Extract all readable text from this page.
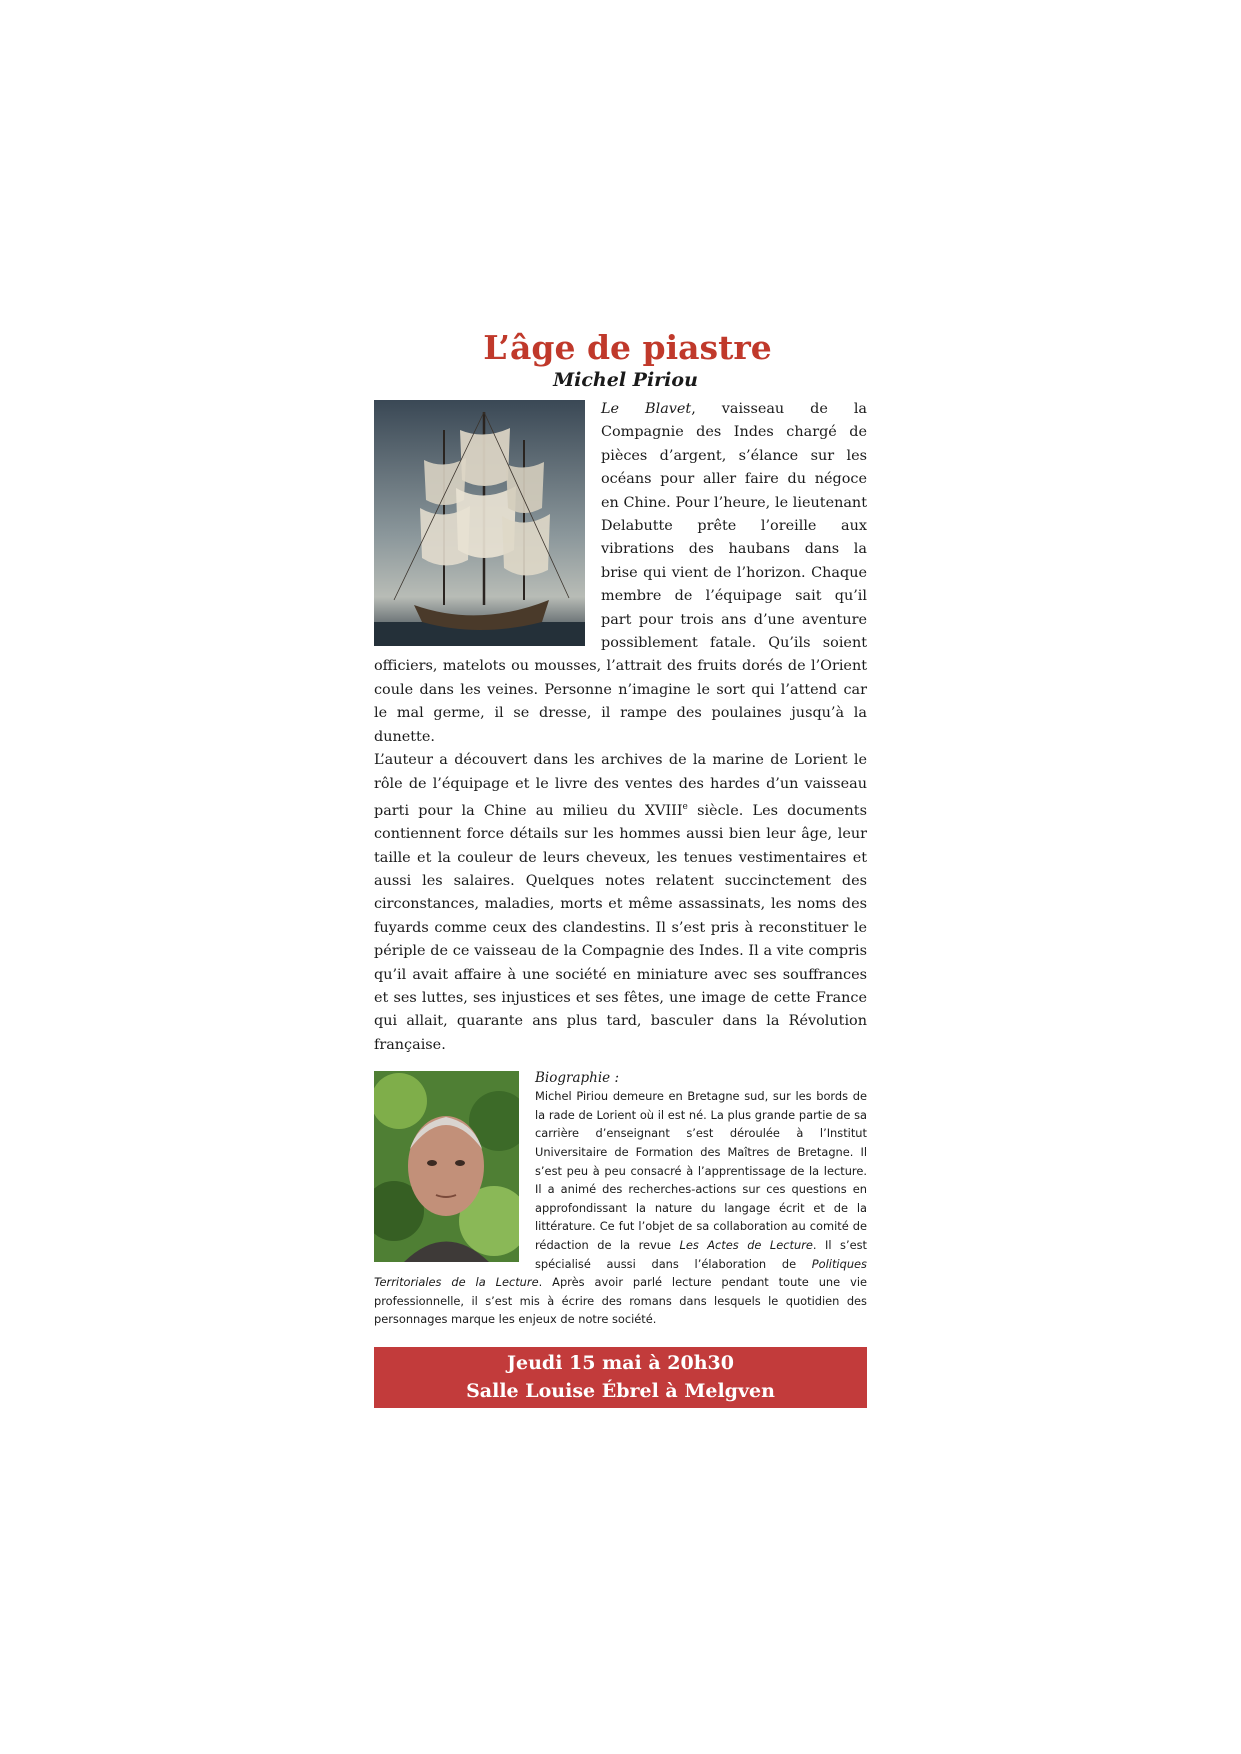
L’âge de piastre

Michel Piriou

Le Blavet, vaisseau de la Compagnie des Indes chargé de pièces d’argent, s’élance sur les océans pour aller faire du négoce en Chine. Pour l’heure, le lieutenant Delabutte prête l’oreille aux vibrations des haubans dans la brise qui vient de l’horizon. Chaque membre de l’équipage sait qu’il part pour trois ans d’une aventure possiblement fatale. Qu’ils soient officiers, matelots ou mousses, l’attrait des fruits dorés de l’Orient coule dans les veines. Personne n’imagine le sort qui l’attend car le mal germe, il se dresse, il rampe des poulaines jusqu’à la dunette.

L’auteur a découvert dans les archives de la marine de Lorient le rôle de l’équipage et le livre des ventes des hardes d’un vaisseau parti pour la Chine au milieu du XVIIIe siècle. Les documents contiennent force détails sur les hommes aussi bien leur âge, leur taille et la couleur de leurs cheveux, les tenues vestimentaires et aussi les salaires. Quelques notes relatent succinctement des circonstances, maladies, morts et même assassinats, les noms des fuyards comme ceux des clandestins. Il s’est pris à reconstituer le périple de ce vaisseau de la Compagnie des Indes. Il a vite compris qu’il avait affaire à une société en miniature avec ses souffrances et ses luttes, ses injustices et ses fêtes, une image de cette France qui allait, quarante ans plus tard, basculer dans la Révolution française.

Biographie :

Michel Piriou demeure en Bretagne sud, sur les bords de la rade de Lorient où il est né. La plus grande partie de sa carrière d’enseignant s’est déroulée à l’Institut Universitaire de Formation des Maîtres de Bretagne. Il s’est peu à peu consacré à l’apprentissage de la lecture. Il a animé des recherches-actions sur ces questions en approfondissant la nature du langage écrit et de la littérature. Ce fut l’objet de sa collaboration au comité de rédaction de la revue Les Actes de Lecture. Il s’est spécialisé aussi dans l’élaboration de Politiques Territoriales de la Lecture. Après avoir parlé lecture pendant toute une vie professionnelle, il s’est mis à écrire des romans dans lesquels le quotidien des personnages marque les enjeux de notre société.

Jeudi 15 mai à 20h30
Salle Louise Ébrel à Melgven
